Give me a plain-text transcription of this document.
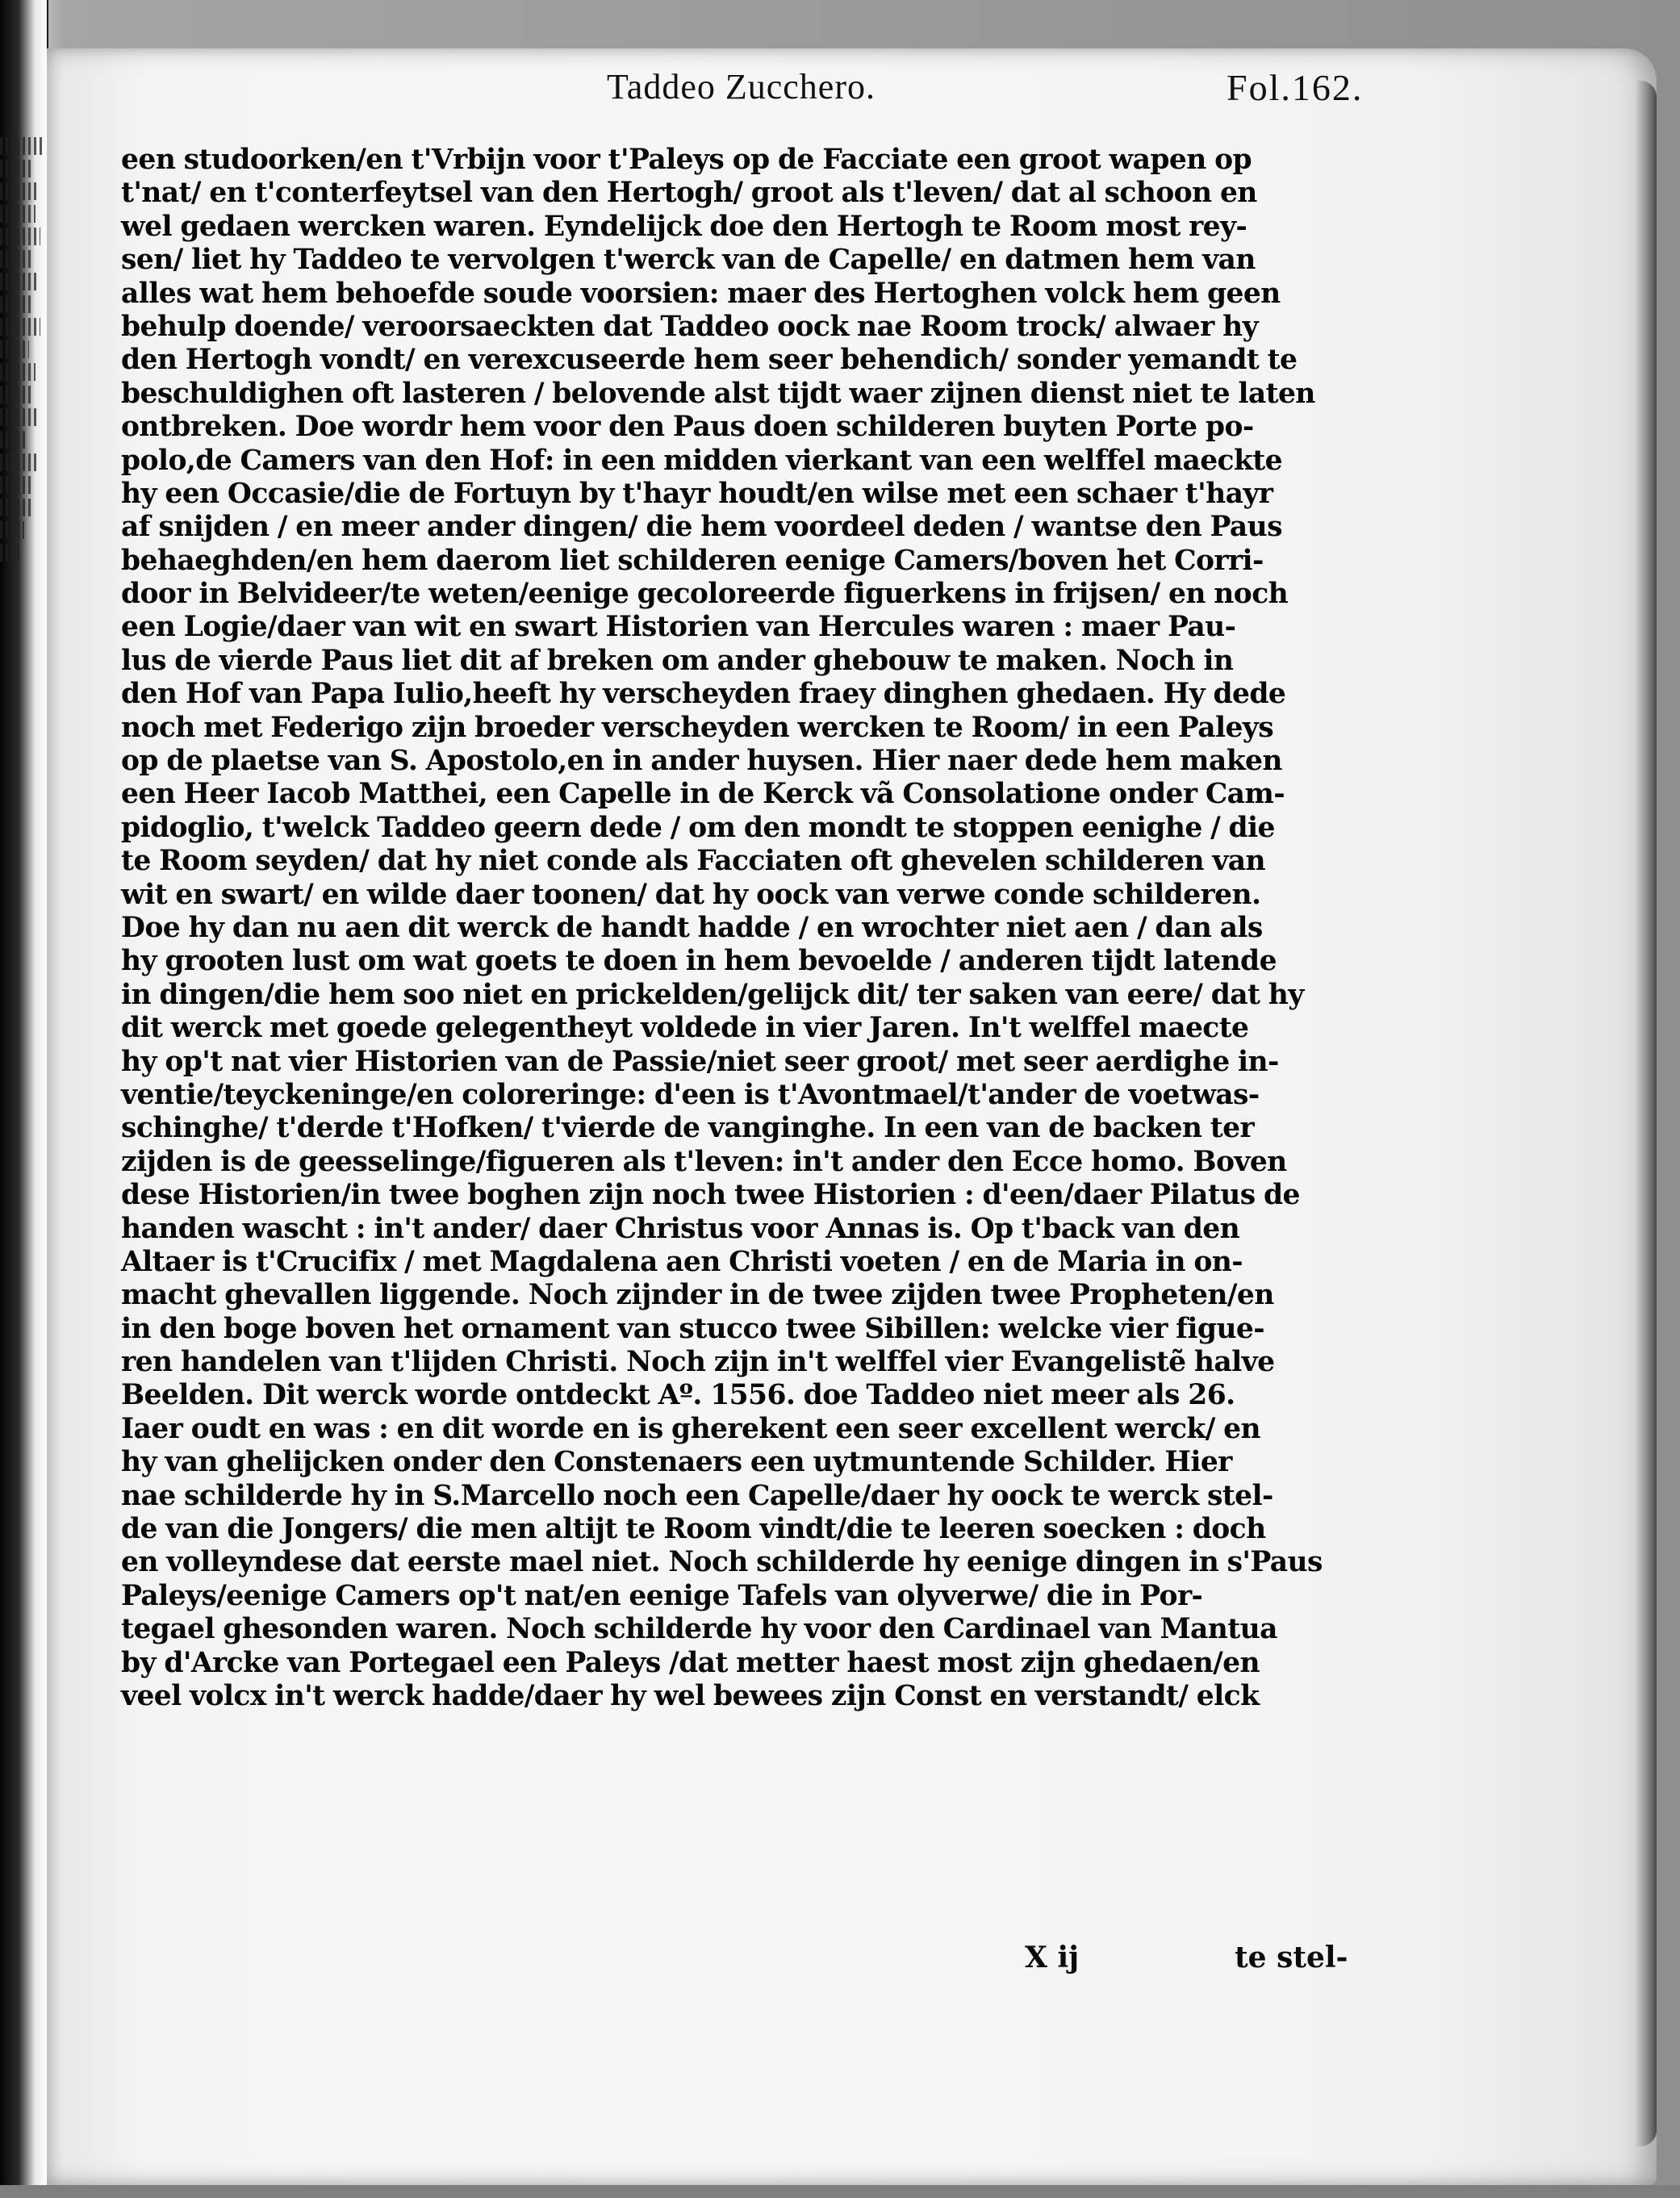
Taddeo Zucchero.	Fol.162.
een studoorken/en t'Vrbijn voor t'Paleys op de Facciate een groot wapen op
t'nat/ en t'conterfeytsel van den Hertogh/ groot als t'leven/ dat al schoon en
wel gedaen wercken waren. Eyndelijck doe den Hertogh te Room most rey-
sen/ liet hy Taddeo te vervolgen t'werck van de Capelle/ en datmen hem van
alles wat hem behoefde soude voorsien: maer des Hertoghen volck hem geen
behulp doende/ veroorsaeckten dat Taddeo oock nae Room trock/ alwaer hy
den Hertogh vondt/ en verexcuseerde hem seer behendich/ sonder yemandt te
beschuldighen oft lasteren / belovende alst tijdt waer zijnen dienst niet te laten
ontbreken. Doe wordr hem voor den Paus doen schilderen buyten Porte po-
polo,de Camers van den Hof: in een midden vierkant van een welffel maeckte
hy een Occasie/die de Fortuyn by t'hayr houdt/en wilse met een schaer t'hayr
af snijden / en meer ander dingen/ die hem voordeel deden / wantse den Paus
behaeghden/en hem daerom liet schilderen eenige Camers/boven het Corri-
door in Belvideer/te weten/eenige gecoloreerde figuerkens in frijsen/ en noch
een Logie/daer van wit en swart Historien van Hercules waren : maer Pau-
lus de vierde Paus liet dit af breken om ander ghebouw te maken. Noch in
den Hof van Papa Iulio,heeft hy verscheyden fraey dinghen ghedaen. Hy dede
noch met Federigo zijn broeder verscheyden wercken te Room/ in een Paleys
op de plaetse van S. Apostolo,en in ander huysen. Hier naer dede hem maken
een Heer Iacob Matthei, een Capelle in de Kerck vã Consolatione onder Cam-
pidoglio, t'welck Taddeo geern dede / om den mondt te stoppen eenighe / die
te Room seyden/ dat hy niet conde als Facciaten oft ghevelen schilderen van
wit en swart/ en wilde daer toonen/ dat hy oock van verwe conde schilderen.
Doe hy dan nu aen dit werck de handt hadde / en wrochter niet aen / dan als
hy grooten lust om wat goets te doen in hem bevoelde / anderen tijdt latende
in dingen/die hem soo niet en prickelden/gelijck dit/ ter saken van eere/ dat hy
dit werck met goede gelegentheyt voldede in vier Jaren. In't welffel maecte
hy op't nat vier Historien van de Passie/niet seer groot/ met seer aerdighe in-
ventie/teyckeninge/en coloreringe: d'een is t'Avontmael/t'ander de voetwas-
schinghe/ t'derde t'Hofken/ t'vierde de vanginghe. In een van de backen ter
zijden is de geesselinge/figueren als t'leven: in't ander den Ecce homo. Boven
dese Historien/in twee boghen zijn noch twee Historien : d'een/daer Pilatus de
handen wascht : in't ander/ daer Christus voor Annas is. Op t'back van den
Altaer is t'Crucifix / met Magdalena aen Christi voeten / en de Maria in on-
macht ghevallen liggende. Noch zijnder in de twee zijden twee Propheten/en
in den boge boven het ornament van stucco twee Sibillen: welcke vier figue-
ren handelen van t'lijden Christi. Noch zijn in't welffel vier Evangelistẽ halve
Beelden. Dit werck worde ontdeckt Aº. 1556. doe Taddeo niet meer als 26.
Iaer oudt en was : en dit worde en is gherekent een seer excellent werck/ en
hy van ghelijcken onder den Constenaers een uytmuntende Schilder. Hier
nae schilderde hy in S.Marcello noch een Capelle/daer hy oock te werck stel-
de van die Jongers/ die men altijt te Room vindt/die te leeren soecken : doch
en volleyndese dat eerste mael niet. Noch schilderde hy eenige dingen in s'Paus
Paleys/eenige Camers op't nat/en eenige Tafels van olyverwe/ die in Por-
tegael ghesonden waren. Noch schilderde hy voor den Cardinael van Mantua
by d'Arcke van Portegael een Paleys /dat metter haest most zijn ghedaen/en
veel volcx in't werck hadde/daer hy wel bewees zijn Const en verstandt/ elck
X ij	te stel-
